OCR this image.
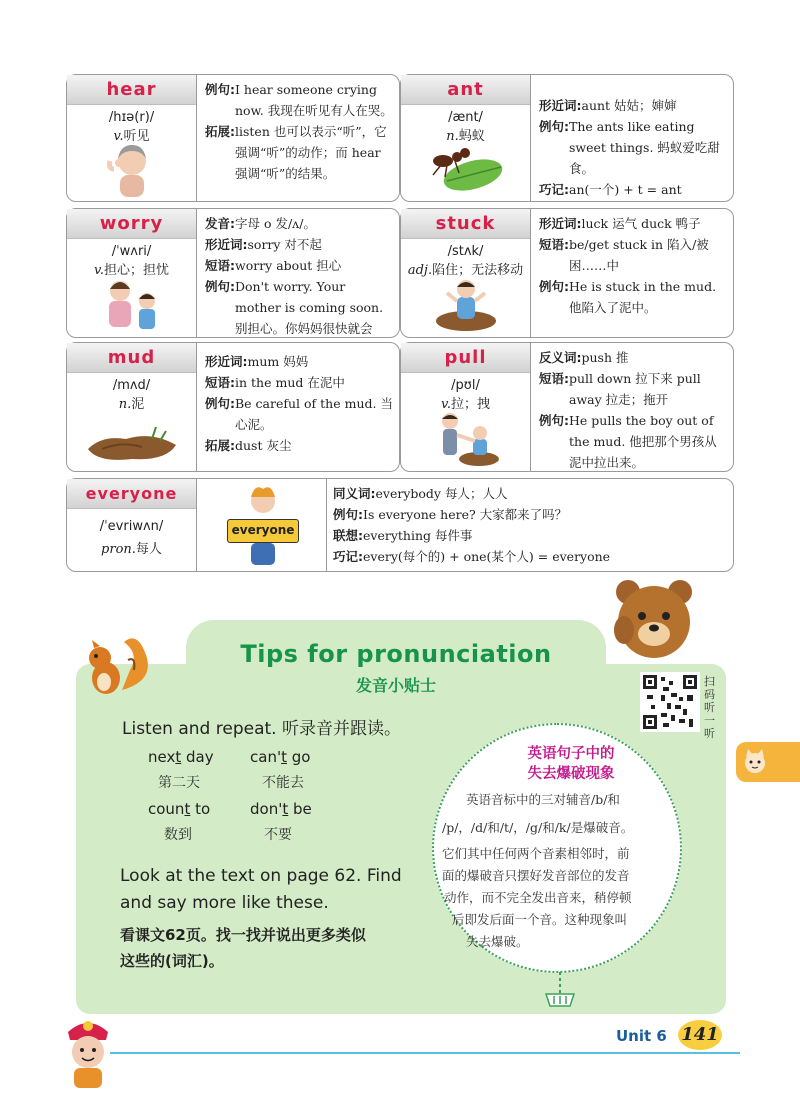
hear
/hɪə(r)/
v.听见
例句: I hear someone crying now. 我现在听见有人在哭。
拓展: listen 也可以表示“听”，它强调“听”的动作；而 hear 强调“听”的结果。
ant
/ænt/
n.蚂蚁
形近词: aunt 姑姑；婶婶
例句: The ants like eating sweet things. 蚂蚁爱吃甜食。
巧记: an(一个) + t = ant
worry
/ˈwʌri/
v.担心；担忧
发音: 字母 o 发/ʌ/。
形近词: sorry 对不起
短语: worry about 担心
例句: Don't worry. Your mother is coming soon. 别担心。你妈妈很快就会
stuck
/stʌk/
adj.陷住；无法移动
形近词: luck 运气 duck 鸭子
短语: be/get stuck in 陷入/被困……中
例句: He is stuck in the mud. 他陷入了泥中。
mud
/mʌd/
n.泥
形近词: mum 妈妈
短语: in the mud 在泥中
例句: Be careful of the mud. 当心泥。
拓展: dust 灰尘
pull
/pʊl/
v.拉；拽
反义词: push 推
短语: pull down 拉下来 pull away 拉走；拖开
例句: He pulls the boy out of the mud. 他把那个男孩从泥中拉出来。
everyone
/ˈevriwʌn/
pron.每人
everyone
同义词: everybody 每人；人人
例句: Is everyone here? 大家都来了吗？
联想: everything 每件事
巧记: every(每个的) + one(某个人) = everyone
Tips for pronunciation
发音小贴士	扫码听一听
Listen and repeat. 听录音并跟读。
next day
第二天
can't go
不能去
count to
数到
don't be
不要
Look at the text on page 62. Find
and say more like these.
看课文62页。找一找并说出更多类似
这些的(词汇)。
英语句子中的
失去爆破现象
英语音标中的三对辅音/b/和
/p/，/d/和/t/，/g/和/k/是爆破音。
它们其中任何两个音素相邻时，前
面的爆破音只摆好发音部位的发音
动作，而不完全发出音来，稍停顿
后即发后面一个音。这种现象叫
失去爆破。
Unit 6 141
